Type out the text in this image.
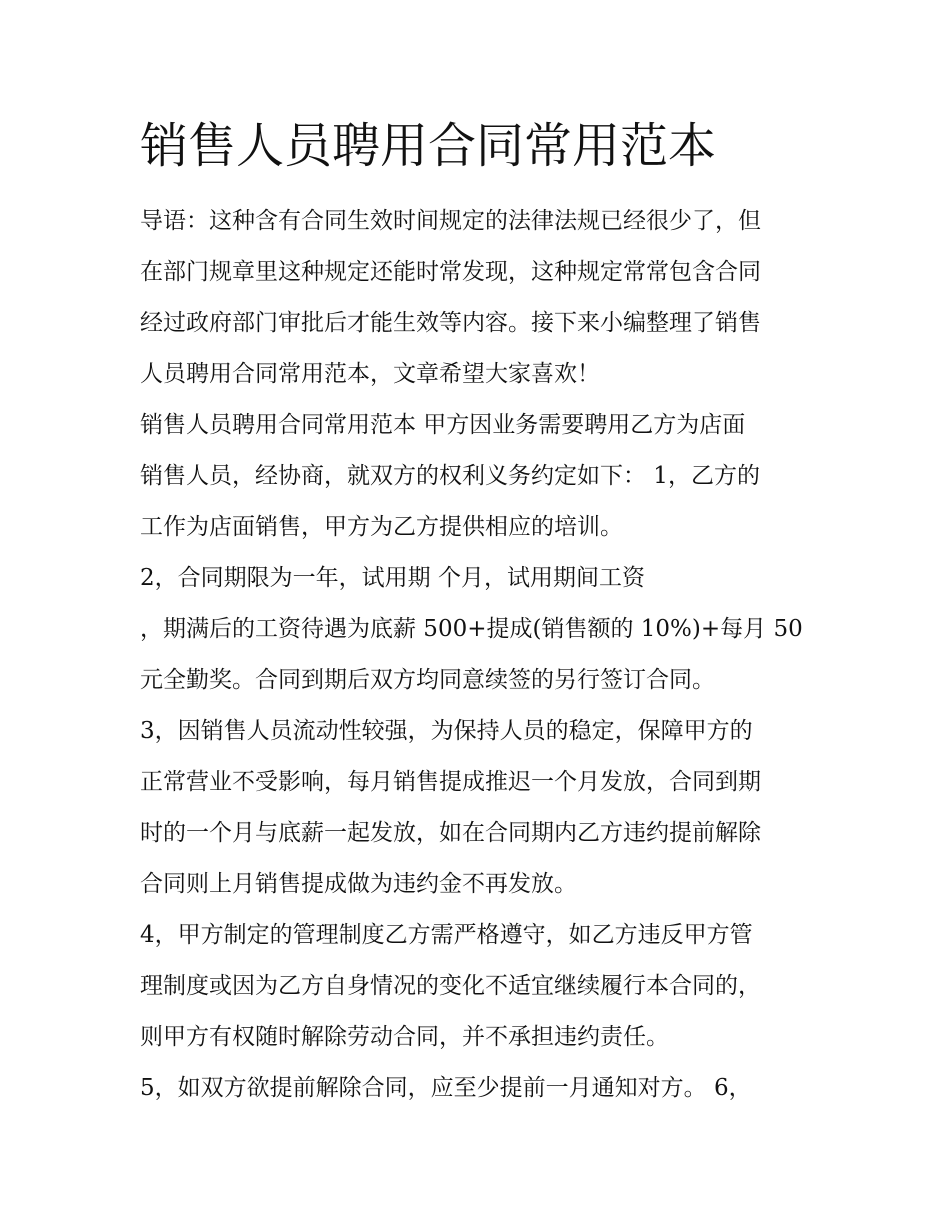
销售人员聘用合同常用范本
导语：这种含有合同生效时间规定的法律法规已经很少了，但
在部门规章里这种规定还能时常发现，这种规定常常包含合同
经过政府部门审批后才能生效等内容。接下来小编整理了销售
人员聘用合同常用范本，文章希望大家喜欢！
销售人员聘用合同常用范本 甲方因业务需要聘用乙方为店面
销售人员，经协商，就双方的权利义务约定如下： 1，乙方的
工作为店面销售，甲方为乙方提供相应的培训。
2，合同期限为一年，试用期 个月，试用期间工资
，期满后的工资待遇为底薪 500+提成(销售额的 10%)+每月 50
元全勤奖。合同到期后双方均同意续签的另行签订合同。
3，因销售人员流动性较强，为保持人员的稳定，保障甲方的
正常营业不受影响，每月销售提成推迟一个月发放，合同到期
时的一个月与底薪一起发放，如在合同期内乙方违约提前解除
合同则上月销售提成做为违约金不再发放。
4，甲方制定的管理制度乙方需严格遵守，如乙方违反甲方管
理制度或因为乙方自身情况的变化不适宜继续履行本合同的，
则甲方有权随时解除劳动合同，并不承担违约责任。
5，如双方欲提前解除合同，应至少提前一月通知对方。 6，
